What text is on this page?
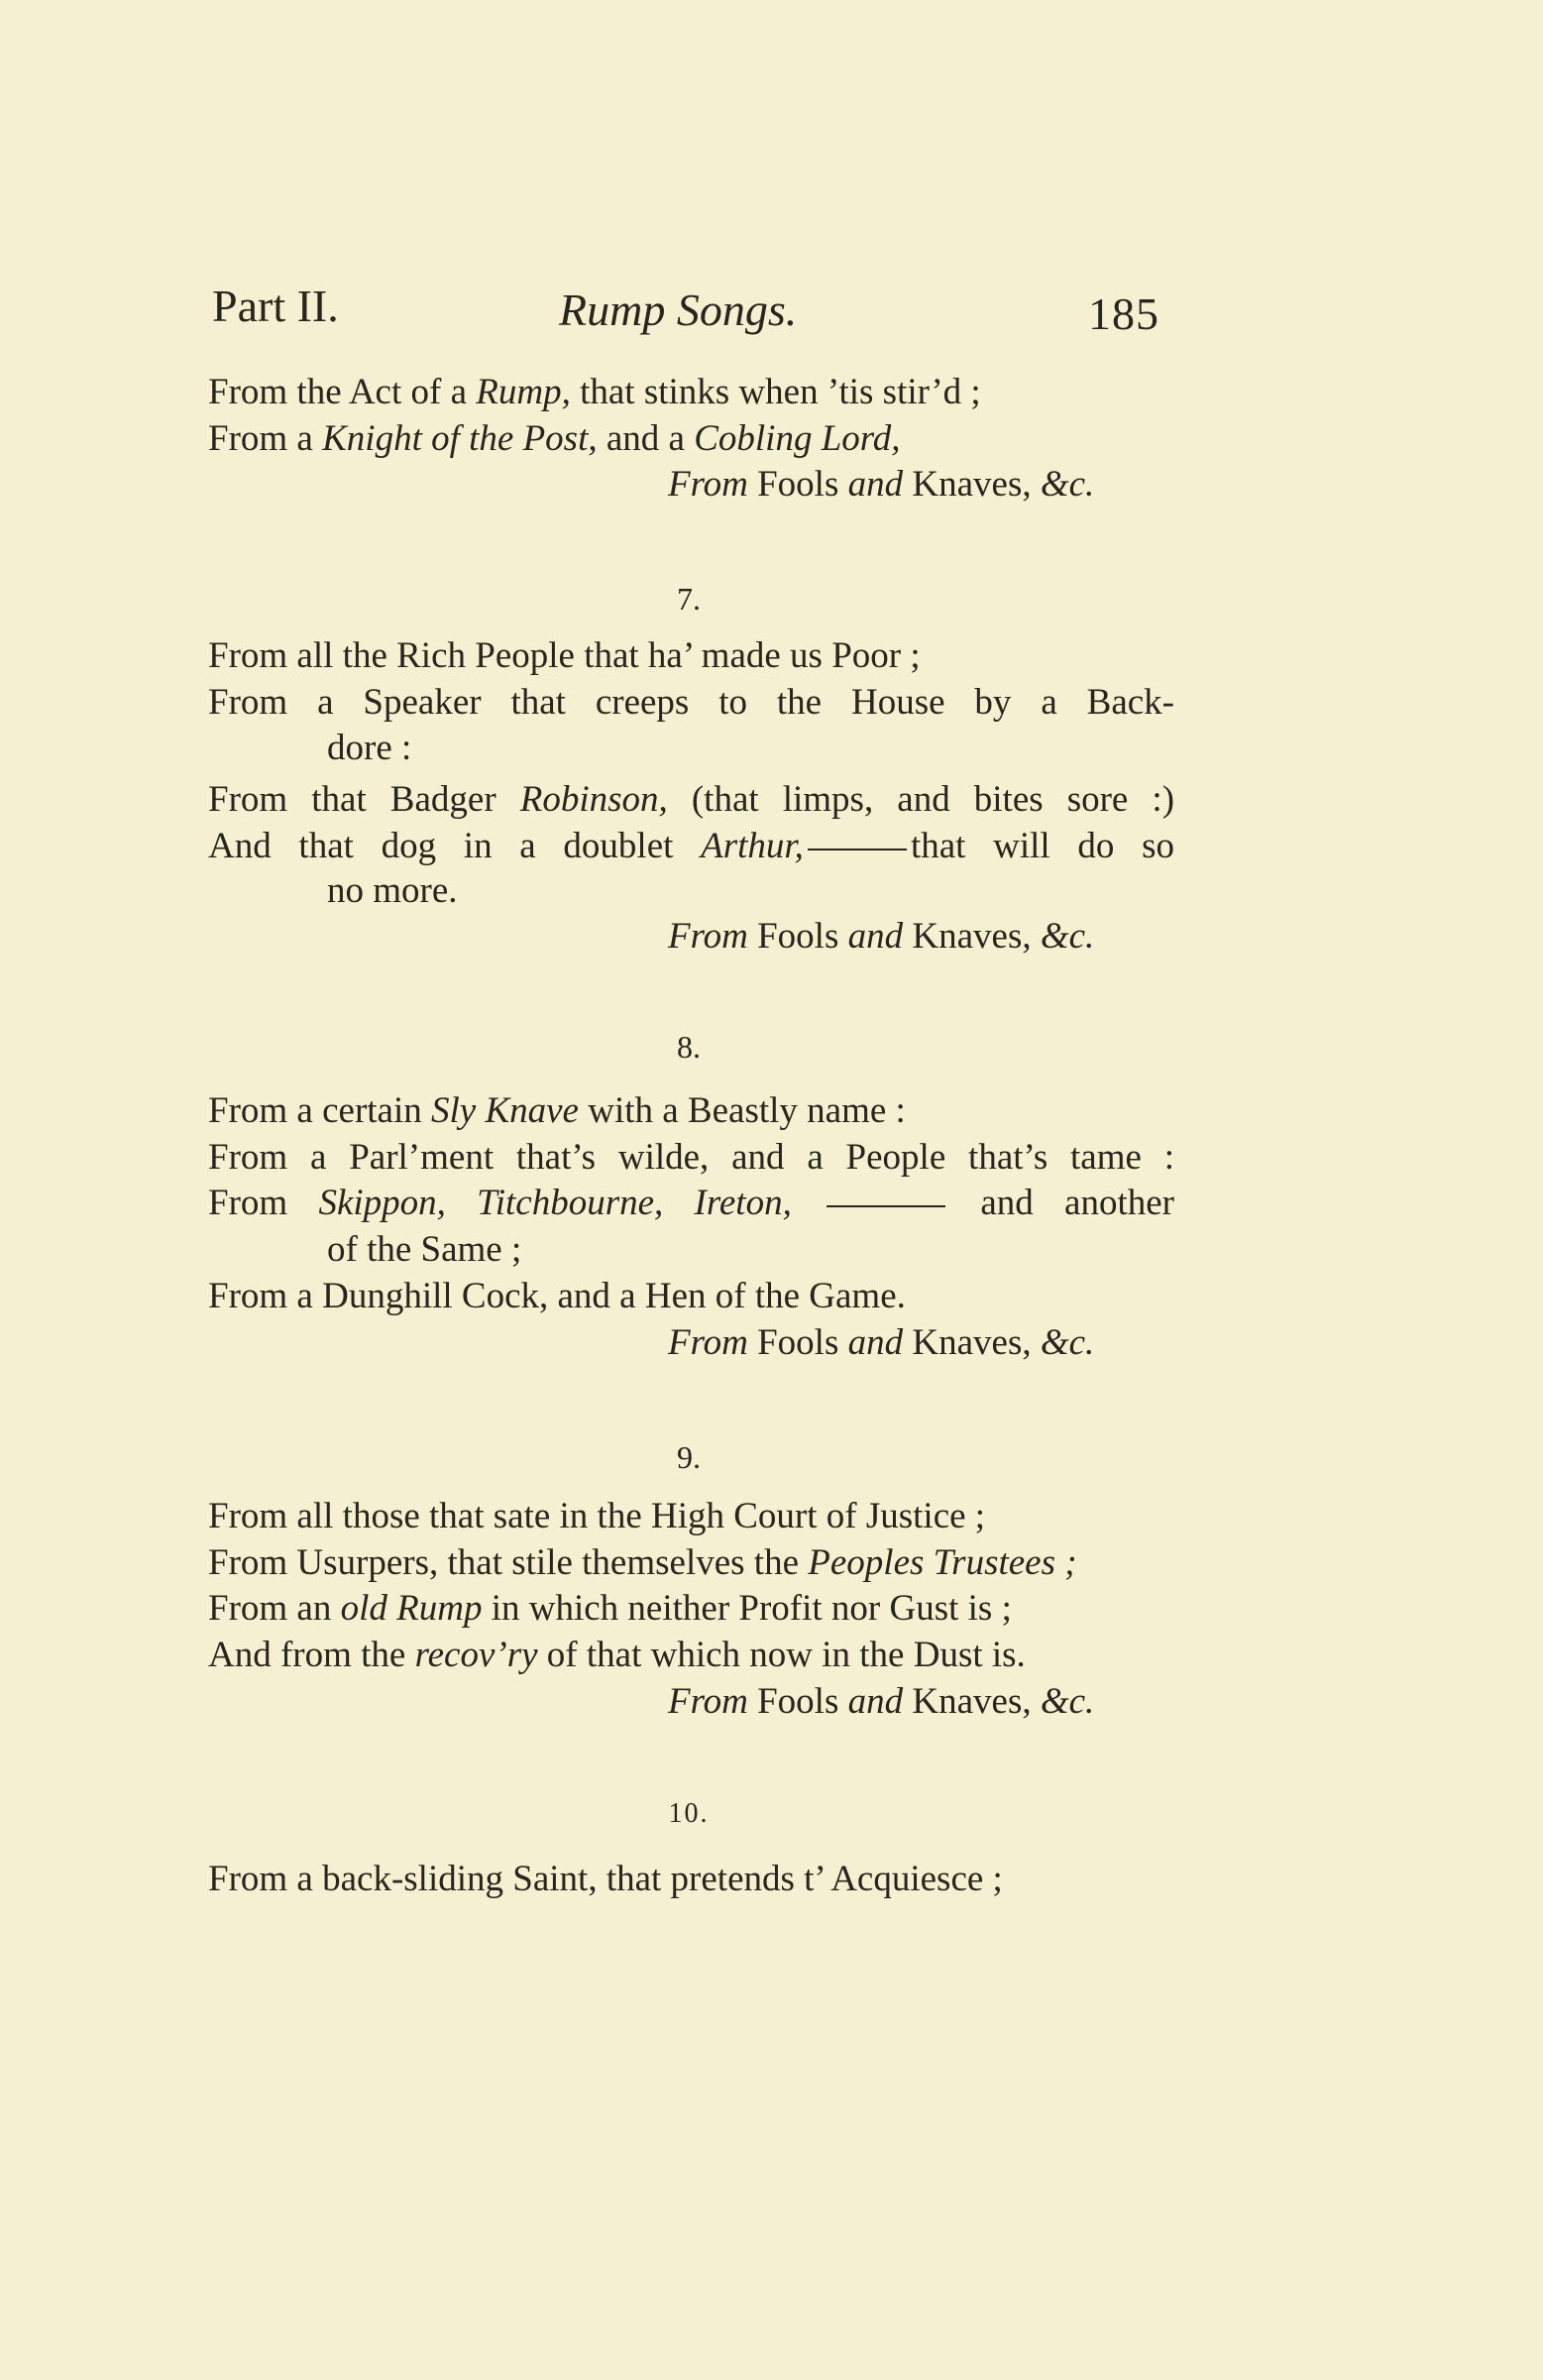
Part II.	Rump Songs.	185
From the Act of a Rump, that stinks when ’tis stir’d ;
From a Knight of the Post, and a Cobling Lord,
From Fools and Knaves, &c.
7.
From all the Rich People that ha’ made us Poor ;
From a Speaker that creeps to the House by a Back-
dore :
From that Badger Robinson, (that limps, and bites sore :)
And that dog in a doublet Arthur,	that will do so
no more.
From Fools and Knaves, &c.
8.
From a certain Sly Knave with a Beastly name :
From a Parl’ment that’s wilde, and a People that’s tame :
From Skippon, Titchbourne, Ireton,	and another
of the Same ;
From a Dunghill Cock, and a Hen of the Game.
From Fools and Knaves, &c.
9.
From all those that sate in the High Court of Justice ;
From Usurpers, that stile themselves the Peoples Trustees ;
From an old Rump in which neither Profit nor Gust is ;
And from the recov’ry of that which now in the Dust is.
From Fools and Knaves, &c.
10.
From a back-sliding Saint, that pretends t’ Acquiesce ;
